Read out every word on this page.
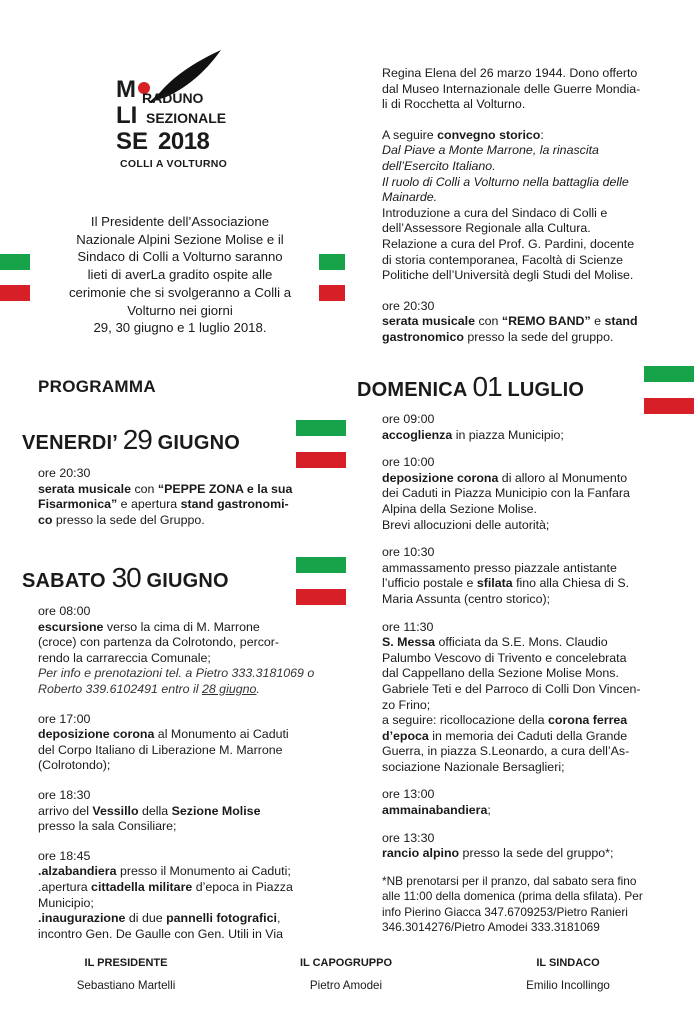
M
LI
SE
RADUNO
SEZIONALE
2018
COLLI A VOLTURNO

Il Presidente dell’Associazione

Nazionale Alpini Sezione Molise e il

Sindaco di Colli a Volturno saranno

lieti di averLa gradito ospite alle

cerimonie che si svolgeranno a Colli a

Volturno nei giorni

29, 30 giugno e 1 luglio 2018.

Regina Elena del 26 marzo 1944. Dono offerto
dal Museo Internazionale delle Guerre Mondia-
li di Rocchetta al Volturno.
A seguire convegno storico:
Dal Piave a Monte Marrone, la rinascita
dell’Esercito Italiano.
Il ruolo di Colli a Volturno nella battaglia delle
Mainarde.
Introduzione a cura del Sindaco di Colli e
dell’Assessore Regionale alla Cultura.
Relazione a cura del Prof. G. Pardini, docente
di storia contemporanea, Facoltà di Scienze
Politiche dell’Università degli Studi del Molise.
ore 20:30
serata musicale con “REMO BAND” e stand
gastronomico presso la sede del gruppo.
PROGRAMMA
VENERDI’ 29 GIUGNO
ore 20:30
serata musicale con “PEPPE ZONA e la sua
Fisarmonica” e apertura stand gastronomi-
co presso la sede del Gruppo.
SABATO 30 GIUGNO
ore 08:00
escursione verso la cima di M. Marrone
(croce) con partenza da Colrotondo, percor-
rendo la carrareccia Comunale;
Per info e prenotazioni tel. a Pietro 333.3181069 o
Roberto 339.6102491 entro il 28 giugno.
ore 17:00
deposizione corona al Monumento ai Caduti
del Corpo Italiano di Liberazione M. Marrone
(Colrotondo);
ore 18:30
arrivo del Vessillo della Sezione Molise
presso la sala Consiliare;
ore 18:45
.alzabandiera presso il Monumento ai Caduti;
.apertura cittadella militare d’epoca in Piazza
Municipio;
.inaugurazione di due pannelli fotografici,
incontro Gen. De Gaulle con Gen. Utili in Via
DOMENICA 01 LUGLIO
ore 09:00
accoglienza in piazza Municipio;
ore 10:00
deposizione corona di alloro al Monumento
dei Caduti in Piazza Municipio con la Fanfara
Alpina della Sezione Molise.
Brevi allocuzioni delle autorità;
ore 10:30
ammassamento presso piazzale antistante
l’ufficio postale e sfilata fino alla Chiesa di S.
Maria Assunta (centro storico);
ore 11:30
S. Messa officiata da S.E. Mons. Claudio
Palumbo Vescovo di Trivento e concelebrata
dal Cappellano della Sezione Molise Mons.
Gabriele Teti e del Parroco di Colli Don Vincen-
zo Frino;
a seguire: ricollocazione della corona ferrea
d’epoca in memoria dei Caduti della Grande
Guerra, in piazza S.Leonardo, a cura dell’As-
sociazione Nazionale Bersaglieri;
ore 13:00
ammainabandiera;
ore 13:30
rancio alpino presso la sede del gruppo*;
*NB prenotarsi per il pranzo, dal sabato sera fino
alle 11:00 della domenica (prima della sfilata). Per
info Pierino Giacca 347.6709253/Pietro Ranieri
346.3014276/Pietro Amodei 333.3181069
IL PRESIDENTE
Sebastiano Martelli
IL CAPOGRUPPO
Pietro Amodei
IL SINDACO
Emilio Incollingo
